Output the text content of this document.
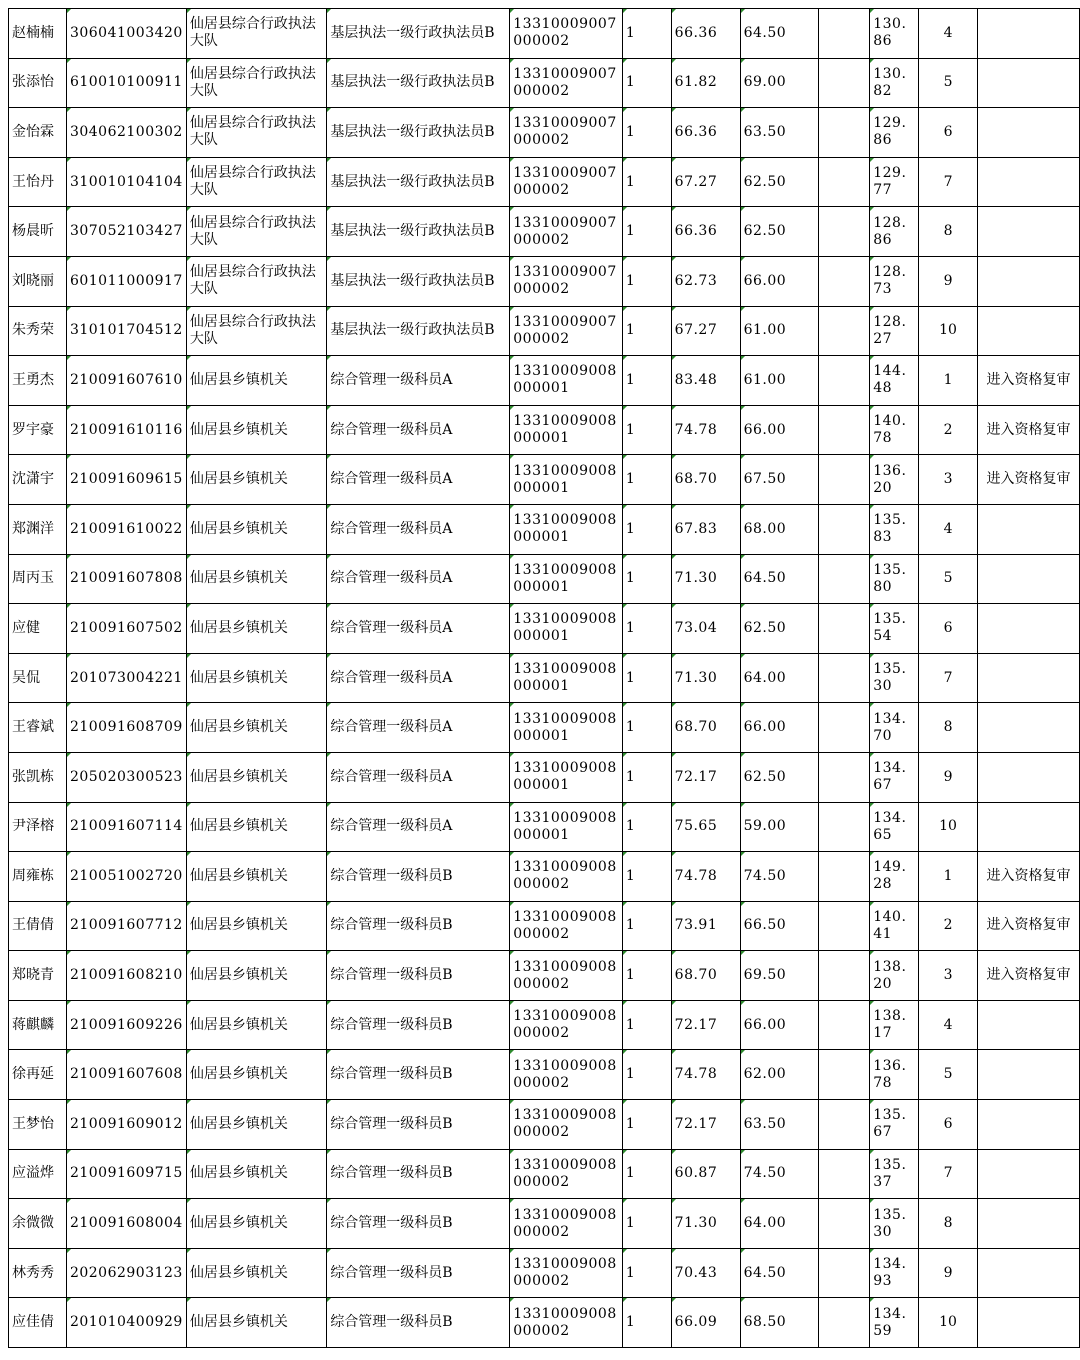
赵楠楠	306041003420	仙居县综合行政执法大队	基层执法一级行政执法员B	13310009007000002	1	66.36	64.50		130.86	4	
张添怡	610010100911	仙居县综合行政执法大队	基层执法一级行政执法员B	13310009007000002	1	61.82	69.00		130.82	5	
金怡霖	304062100302	仙居县综合行政执法大队	基层执法一级行政执法员B	13310009007000002	1	66.36	63.50		129.86	6	
王怡丹	310010104104	仙居县综合行政执法大队	基层执法一级行政执法员B	13310009007000002	1	67.27	62.50		129.77	7	
杨晨昕	307052103427	仙居县综合行政执法大队	基层执法一级行政执法员B	13310009007000002	1	66.36	62.50		128.86	8	
刘晓丽	601011000917	仙居县综合行政执法大队	基层执法一级行政执法员B	13310009007000002	1	62.73	66.00		128.73	9	
朱秀荣	310101704512	仙居县综合行政执法大队	基层执法一级行政执法员B	13310009007000002	1	67.27	61.00		128.27	10	
王勇杰	210091607610	仙居县乡镇机关	综合管理一级科员A	13310009008000001	1	83.48	61.00		144.48	1	进入资格复审
罗宇豪	210091610116	仙居县乡镇机关	综合管理一级科员A	13310009008000001	1	74.78	66.00		140.78	2	进入资格复审
沈潇宇	210091609615	仙居县乡镇机关	综合管理一级科员A	13310009008000001	1	68.70	67.50		136.20	3	进入资格复审
郑渊洋	210091610022	仙居县乡镇机关	综合管理一级科员A	13310009008000001	1	67.83	68.00		135.83	4	
周丙玉	210091607808	仙居县乡镇机关	综合管理一级科员A	13310009008000001	1	71.30	64.50		135.80	5	
应健	210091607502	仙居县乡镇机关	综合管理一级科员A	13310009008000001	1	73.04	62.50		135.54	6	
吴侃	201073004221	仙居县乡镇机关	综合管理一级科员A	13310009008000001	1	71.30	64.00		135.30	7	
王睿斌	210091608709	仙居县乡镇机关	综合管理一级科员A	13310009008000001	1	68.70	66.00		134.70	8	
张凯栋	205020300523	仙居县乡镇机关	综合管理一级科员A	13310009008000001	1	72.17	62.50		134.67	9	
尹泽榕	210091607114	仙居县乡镇机关	综合管理一级科员A	13310009008000001	1	75.65	59.00		134.65	10	
周雍栋	210051002720	仙居县乡镇机关	综合管理一级科员B	13310009008000002	1	74.78	74.50		149.28	1	进入资格复审
王倩倩	210091607712	仙居县乡镇机关	综合管理一级科员B	13310009008000002	1	73.91	66.50		140.41	2	进入资格复审
郑晓青	210091608210	仙居县乡镇机关	综合管理一级科员B	13310009008000002	1	68.70	69.50		138.20	3	进入资格复审
蒋麒麟	210091609226	仙居县乡镇机关	综合管理一级科员B	13310009008000002	1	72.17	66.00		138.17	4	
徐再延	210091607608	仙居县乡镇机关	综合管理一级科员B	13310009008000002	1	74.78	62.00		136.78	5	
王梦怡	210091609012	仙居县乡镇机关	综合管理一级科员B	13310009008000002	1	72.17	63.50		135.67	6	
应溢烨	210091609715	仙居县乡镇机关	综合管理一级科员B	13310009008000002	1	60.87	74.50		135.37	7	
余微微	210091608004	仙居县乡镇机关	综合管理一级科员B	13310009008000002	1	71.30	64.00		135.30	8	
林秀秀	202062903123	仙居县乡镇机关	综合管理一级科员B	13310009008000002	1	70.43	64.50		134.93	9	
应佳倩	201010400929	仙居县乡镇机关	综合管理一级科员B	13310009008000002	1	66.09	68.50		134.59	10	
